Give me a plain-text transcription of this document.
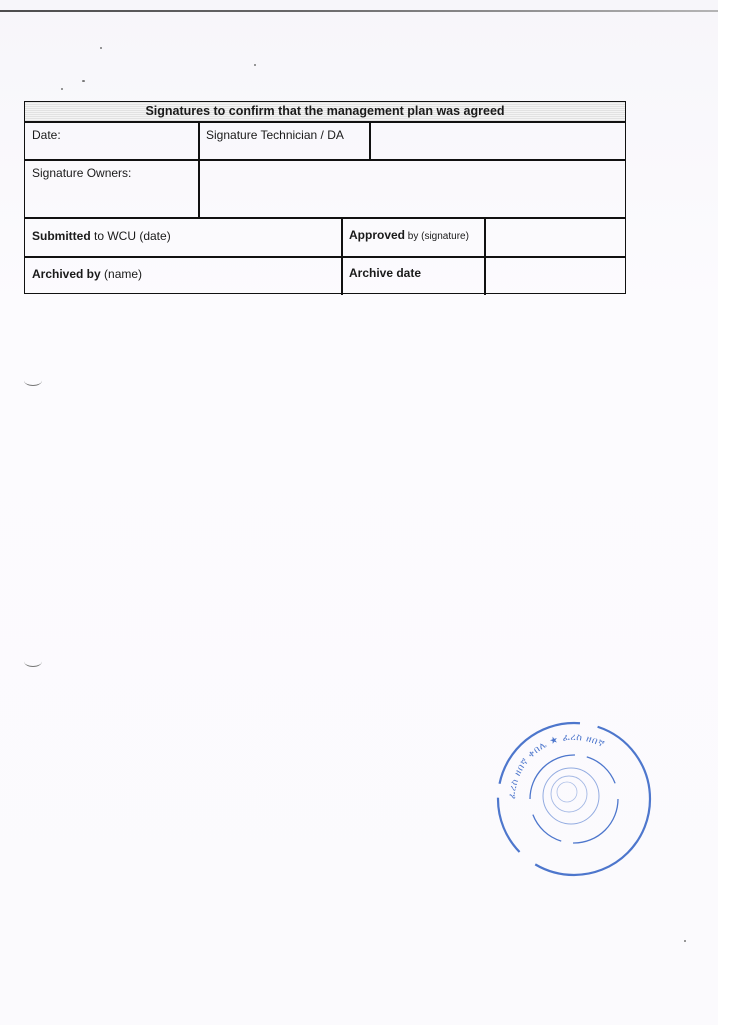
Signatures to confirm that the management plan was agreed
Date:	Signature Technician / DA
Signature Owners:
Submitted to WCU (date)	Approved by (signature)
Archived by (name)	Archive date
ፈረስ ዘበኛ ቀበሌ ★ ፈረስ ዘበኛ
